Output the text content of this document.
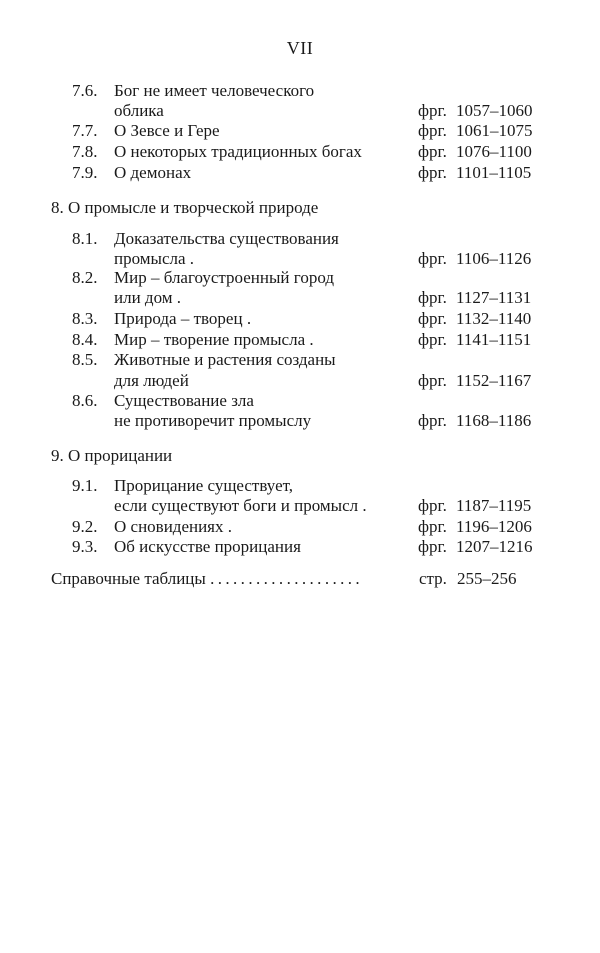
VII
7.6. Бог не имеет человеческого
облика	фрг. 1057–1060
7.7. О Зевсе и Гере	фрг. 1061–1075
7.8. О некоторых традиционных богах	фрг. 1076–1100
7.9. О демонах	фрг. 1101–1105
8. О промысле и творческой природе
8.1. Доказательства существования
промысла .	фрг. 1106–1126
8.2. Мир – благоустроенный город
или дом .	фрг. 1127–1131
8.3. Природа – творец .	фрг. 1132–1140
8.4. Мир – творение промысла .	фрг. 1141–1151
8.5. Животные и растения созданы
для людей	фрг. 1152–1167
8.6. Существование зла
не противоречит промыслу	фрг. 1168–1186
9. О прорицании
9.1. Прорицание существует,
если существуют боги и промысл .	фрг. 1187–1195
9.2. О сновидениях .	фрг. 1196–1206
9.3. Об искусстве прорицания	фрг. 1207–1216
Справочные таблицы ....................	стр. 255–256
